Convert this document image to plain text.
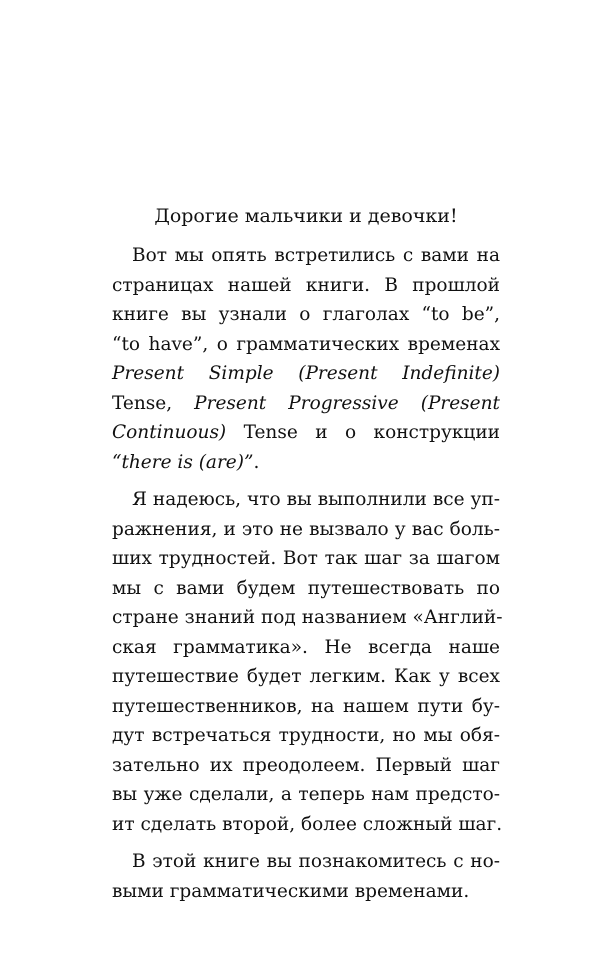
Дорогие мальчики и девочки!
Вот мы опять встретились с вами на
страницах нашей книги. В прошлой
книге вы узнали о глаголах “to be”,
“to have”, о грамматических временах
Present Simple (Present Indefinite)
Tense, Present Progressive (Present
Continuous) Tense и о конструкции
“there is (are)”.
Я надеюсь, что вы выполнили все уп-
ражнения, и это не вызвало у вас боль-
ших трудностей. Вот так шаг за шагом
мы с вами будем путешествовать по
стране знаний под названием «Англий-
ская грамматика». Не всегда наше
путешествие будет легким. Как у всех
путешественников, на нашем пути бу-
дут встречаться трудности, но мы обя-
зательно их преодолеем. Первый шаг
вы уже сделали, а теперь нам предсто-
ит сделать второй, более сложный шаг.
В этой книге вы познакомитесь с но-
выми грамматическими временами.
